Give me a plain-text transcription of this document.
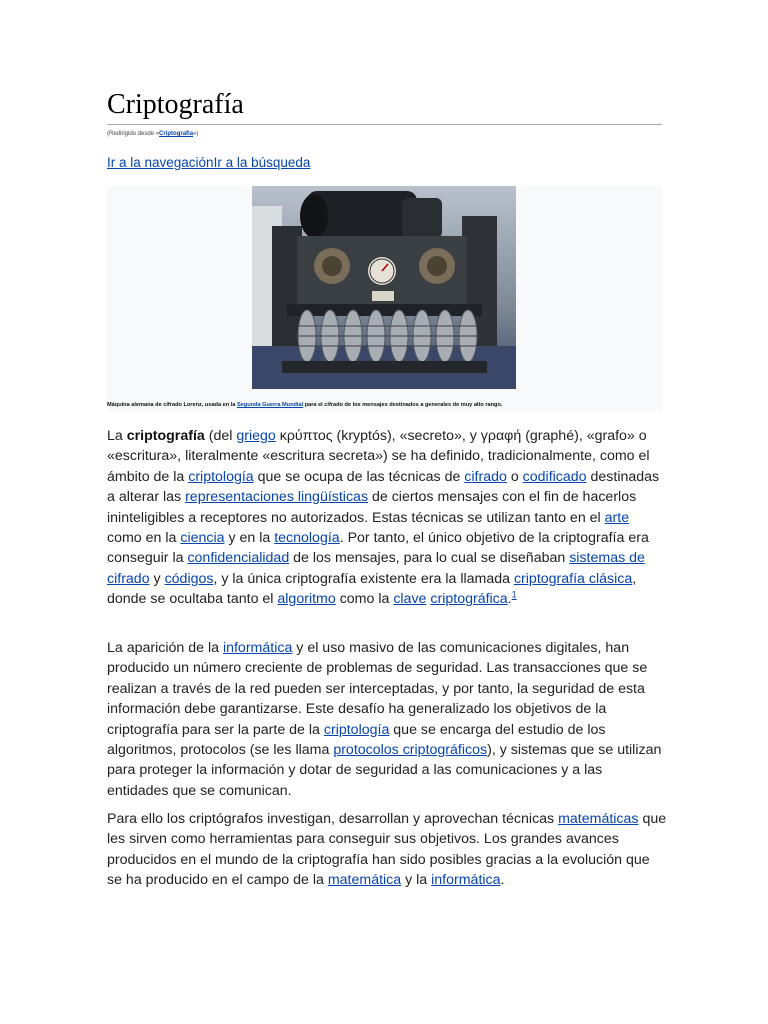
Criptografía
(Redirigido desde «Criptografia»)
Ir a la navegaciónIr a la búsqueda
Máquina alemana de cifrado Lorenz, usada en la Segunda Guerra Mundial para el cifrado de los mensajes destinados a generales de muy alto rango.

La criptografía (del griego κρύπτος (kryptós), «secreto», y γραφή (graphé), «grafo» o «escritura», literalmente «escritura secreta») se ha definido, tradicionalmente, como el ámbito de la criptología que se ocupa de las técnicas de cifrado o codificado destinadas a alterar las representaciones lingüísticas de ciertos mensajes con el fin de hacerlos ininteligibles a receptores no autorizados. Estas técnicas se utilizan tanto en el arte como en la ciencia y en la tecnología. Por tanto, el único objetivo de la criptografía era conseguir la confidencialidad de los mensajes, para lo cual se diseñaban sistemas de cifrado y códigos, y la única criptografía existente era la llamada criptografía clásica, donde se ocultaba tanto el algoritmo como la clave criptográfica.$^1$

La aparición de la informática y el uso masivo de las comunicaciones digitales, han producido un número creciente de problemas de seguridad. Las transacciones que se realizan a través de la red pueden ser interceptadas, y por tanto, la seguridad de esta información debe garantizarse. Este desafío ha generalizado los objetivos de la criptografía para ser la parte de la criptología que se encarga del estudio de los algoritmos, protocolos (se les llama protocolos criptográficos), y sistemas que se utilizan para proteger la información y dotar de seguridad a las comunicaciones y a las entidades que se comunican.

Para ello los criptógrafos investigan, desarrollan y aprovechan técnicas matemáticas que les sirven como herramientas para conseguir sus objetivos. Los grandes avances producidos en el mundo de la criptografía han sido posibles gracias a la evolución que se ha producido en el campo de la matemática y la informática.
